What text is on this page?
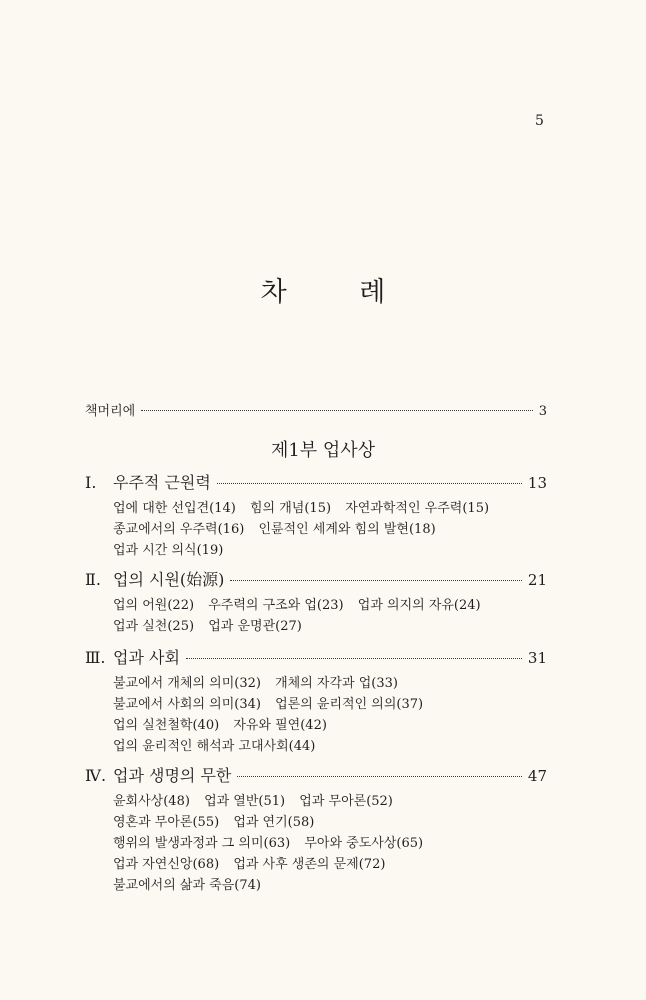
5
차 례
책머리에	3
제1부 업사상
Ⅰ. 우주적 근원력	13
업에 대한 선입견(14) 힘의 개념(15) 자연과학적인 우주력(15)
종교에서의 우주력(16) 인륜적인 세계와 힘의 발현(18)
업과 시간 의식(19)
Ⅱ. 업의 시원(始源)	21
업의 어원(22) 우주력의 구조와 업(23) 업과 의지의 자유(24)
업과 실천(25) 업과 운명관(27)
Ⅲ. 업과 사회	31
불교에서 개체의 의미(32) 개체의 자각과 업(33)
불교에서 사회의 의미(34) 업론의 윤리적인 의의(37)
업의 실천철학(40) 자유와 필연(42)
업의 윤리적인 해석과 고대사회(44)
Ⅳ. 업과 생명의 무한	47
윤회사상(48) 업과 열반(51) 업과 무아론(52)
영혼과 무아론(55) 업과 연기(58)
행위의 발생과정과 그 의미(63) 무아와 중도사상(65)
업과 자연신앙(68) 업과 사후 생존의 문제(72)
불교에서의 삶과 죽음(74)
